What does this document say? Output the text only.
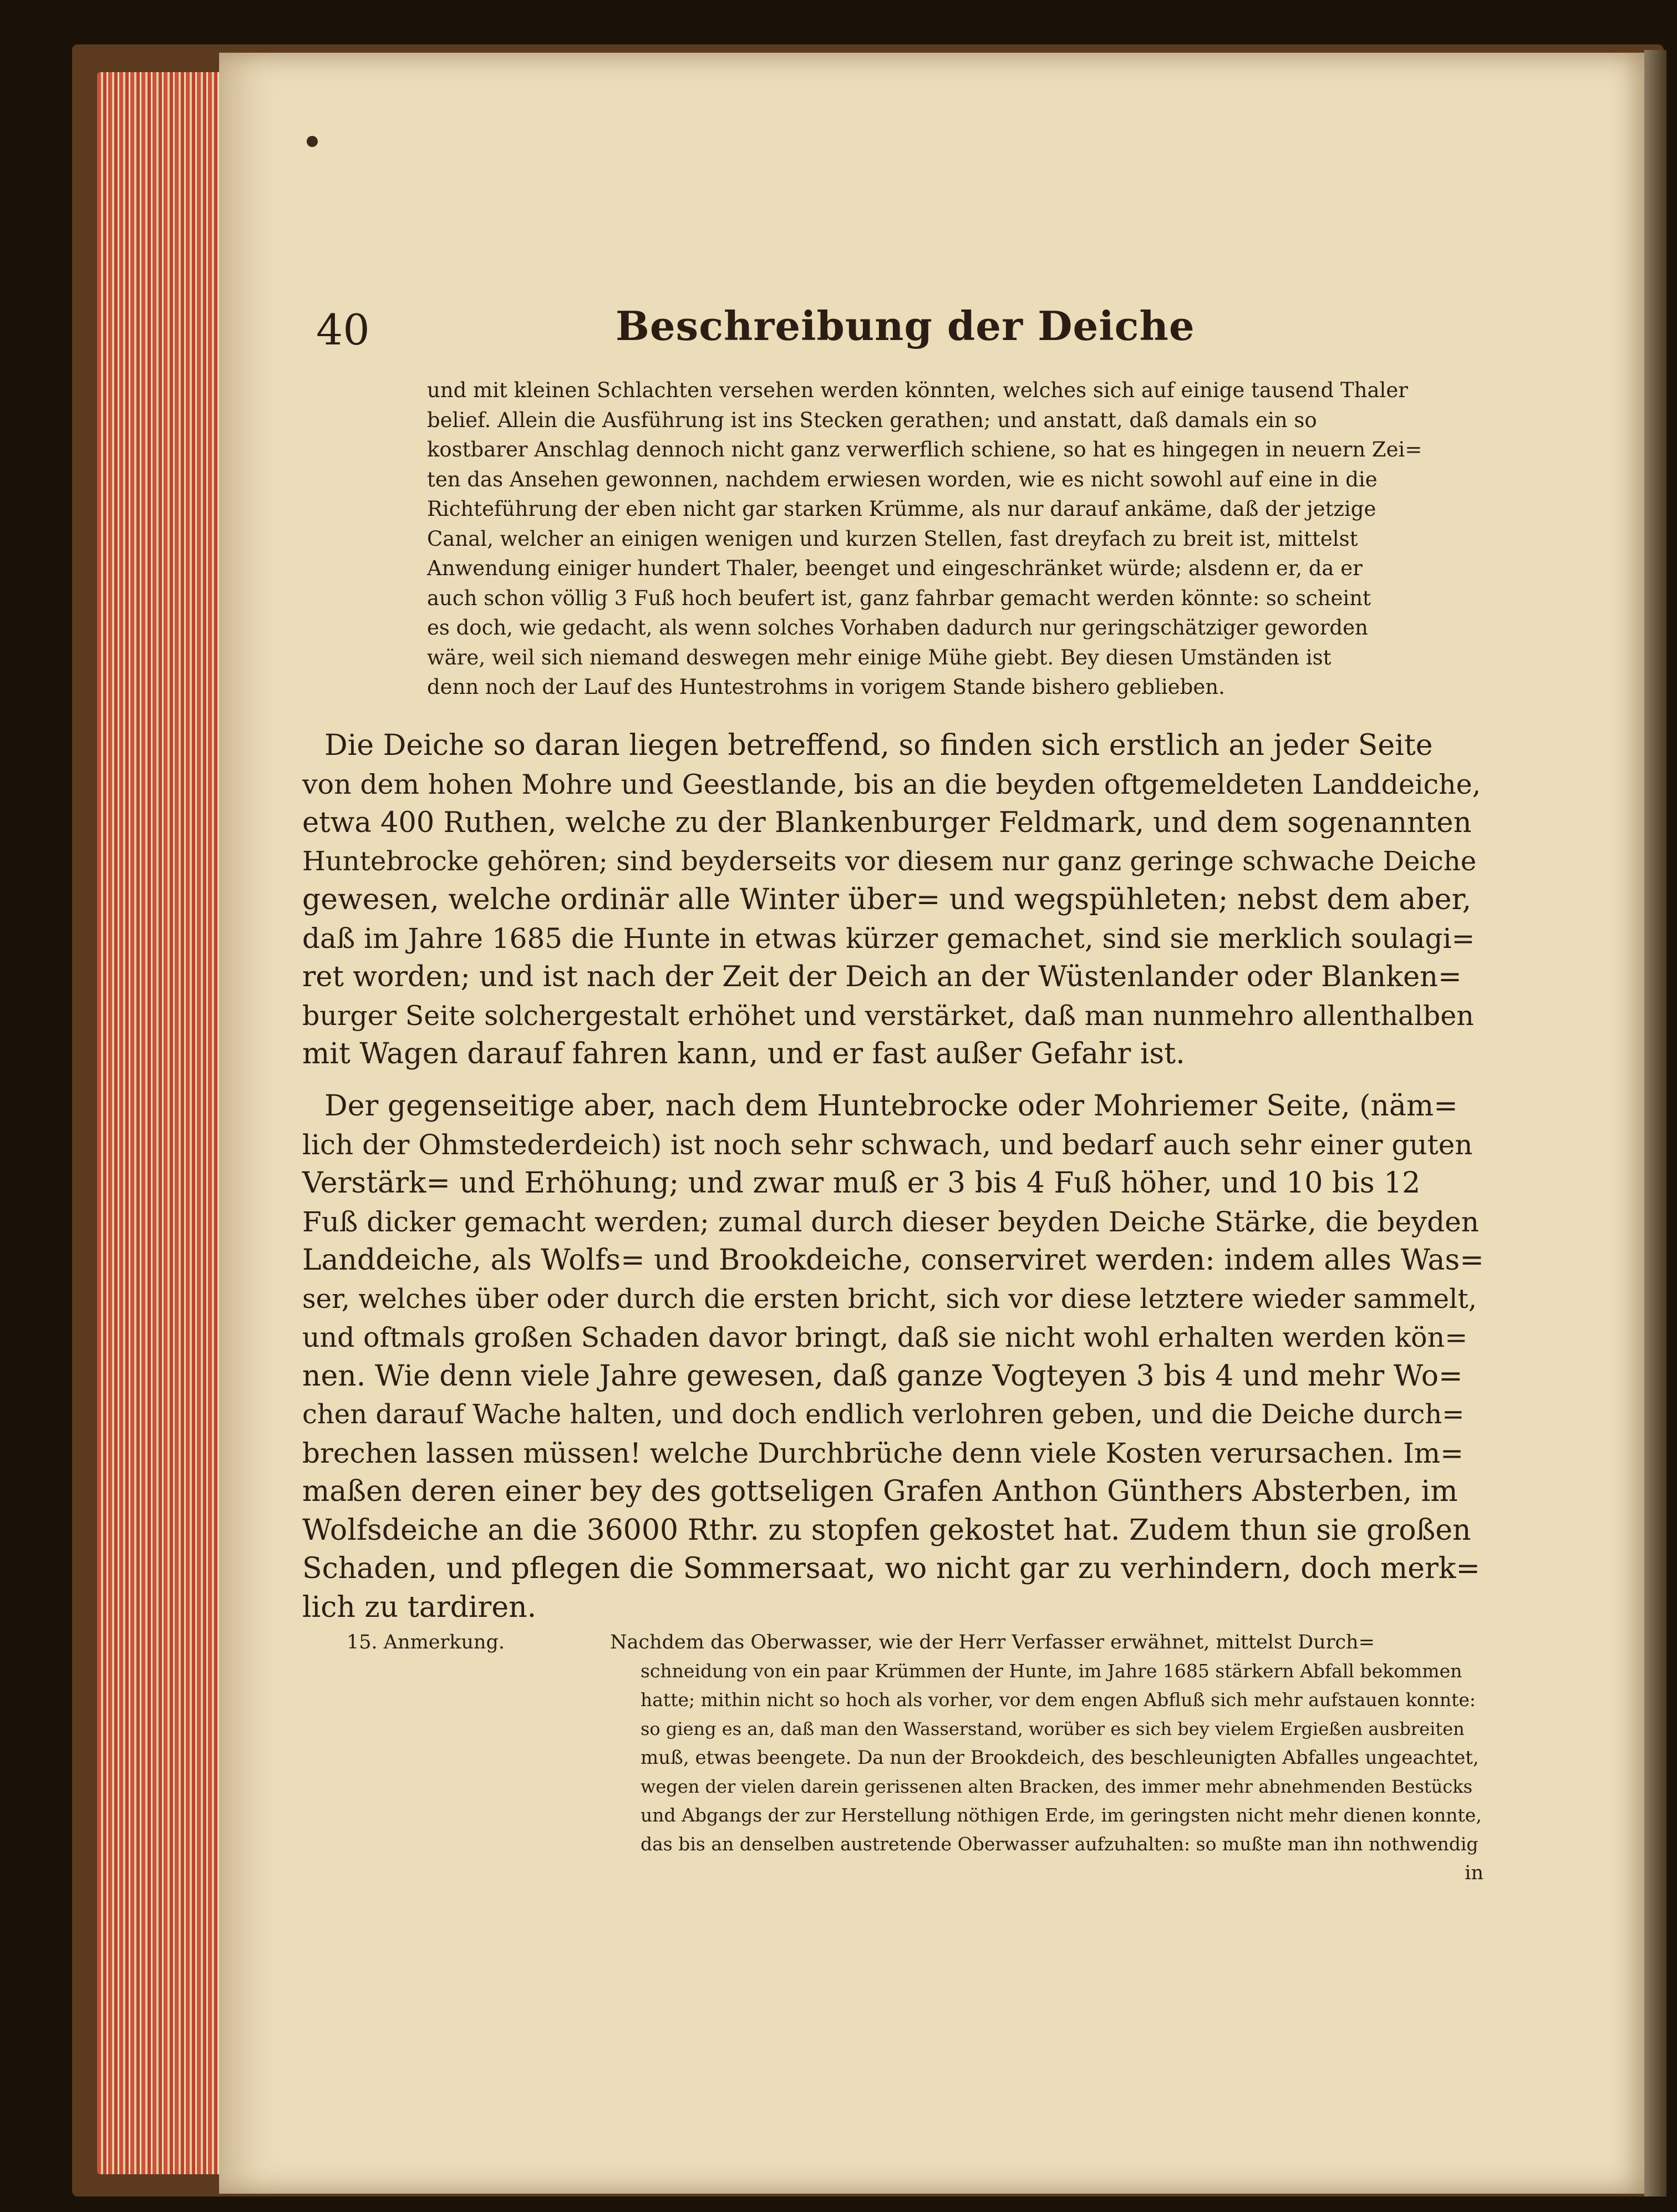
40	Beschreibung der Deiche
und mit kleinen Schlachten versehen werden könnten, welches sich auf einige tausend Thaler
belief. Allein die Ausführung ist ins Stecken gerathen; und anstatt, daß damals ein so
kostbarer Anschlag dennoch nicht ganz verwerflich schiene, so hat es hingegen in neuern Zei=
ten das Ansehen gewonnen, nachdem erwiesen worden, wie es nicht sowohl auf eine in die
Richteführung der eben nicht gar starken Krümme, als nur darauf ankäme, daß der jetzige
Canal, welcher an einigen wenigen und kurzen Stellen, fast dreyfach zu breit ist, mittelst
Anwendung einiger hundert Thaler, beenget und eingeschränket würde; alsdenn er, da er
auch schon völlig 3 Fuß hoch beufert ist, ganz fahrbar gemacht werden könnte: so scheint
es doch, wie gedacht, als wenn solches Vorhaben dadurch nur geringschätziger geworden
wäre, weil sich niemand deswegen mehr einige Mühe giebt. Bey diesen Umständen ist
denn noch der Lauf des Huntestrohms in vorigem Stande bishero geblieben.
Die Deiche so daran liegen betreffend, so finden sich erstlich an jeder Seite
von dem hohen Mohre und Geestlande, bis an die beyden oftgemeldeten Landdeiche,
etwa 400 Ruthen, welche zu der Blankenburger Feldmark, und dem sogenannten
Huntebrocke gehören; sind beyderseits vor diesem nur ganz geringe schwache Deiche
gewesen, welche ordinär alle Winter über= und wegspühleten; nebst dem aber,
daß im Jahre 1685 die Hunte in etwas kürzer gemachet, sind sie merklich soulagi=
ret worden; und ist nach der Zeit der Deich an der Wüstenlander oder Blanken=
burger Seite solchergestalt erhöhet und verstärket, daß man nunmehro allenthalben
mit Wagen darauf fahren kann, und er fast außer Gefahr ist.
Der gegenseitige aber, nach dem Huntebrocke oder Mohriemer Seite, (näm=
lich der Ohmstederdeich) ist noch sehr schwach, und bedarf auch sehr einer guten
Verstärk= und Erhöhung; und zwar muß er 3 bis 4 Fuß höher, und 10 bis 12
Fuß dicker gemacht werden; zumal durch dieser beyden Deiche Stärke, die beyden
Landdeiche, als Wolfs= und Brookdeiche, conserviret werden: indem alles Was=
ser, welches über oder durch die ersten bricht, sich vor diese letztere wieder sammelt,
und oftmals großen Schaden davor bringt, daß sie nicht wohl erhalten werden kön=
nen. Wie denn viele Jahre gewesen, daß ganze Vogteyen 3 bis 4 und mehr Wo=
chen darauf Wache halten, und doch endlich verlohren geben, und die Deiche durch=
brechen lassen müssen! welche Durchbrüche denn viele Kosten verursachen. Im=
maßen deren einer bey des gottseligen Grafen Anthon Günthers Absterben, im
Wolfsdeiche an die 36000 Rthr. zu stopfen gekostet hat. Zudem thun sie großen
Schaden, und pflegen die Sommersaat, wo nicht gar zu verhindern, doch merk=
lich zu tardiren.
15. Anmerkung.	Nachdem das Oberwasser, wie der Herr Verfasser erwähnet, mittelst Durch=
schneidung von ein paar Krümmen der Hunte, im Jahre 1685 stärkern Abfall bekommen
hatte; mithin nicht so hoch als vorher, vor dem engen Abfluß sich mehr aufstauen konnte:
so gieng es an, daß man den Wasserstand, worüber es sich bey vielem Ergießen ausbreiten
muß, etwas beengete. Da nun der Brookdeich, des beschleunigten Abfalles ungeachtet,
wegen der vielen darein gerissenen alten Bracken, des immer mehr abnehmenden Bestücks
und Abgangs der zur Herstellung nöthigen Erde, im geringsten nicht mehr dienen konnte,
das bis an denselben austretende Oberwasser aufzuhalten: so mußte man ihn nothwendig
in
